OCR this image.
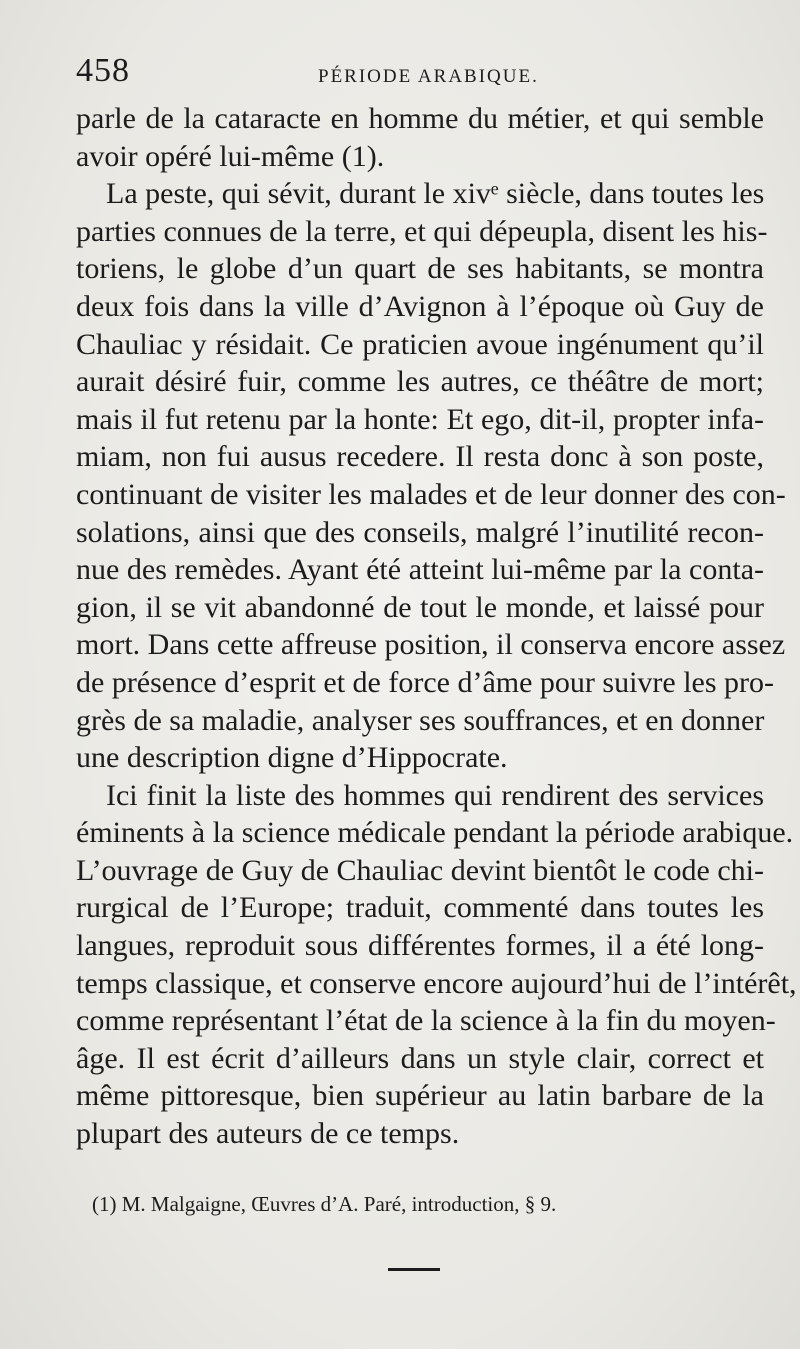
458	PÉRIODE ARABIQUE.
parle de la cataracte en homme du métier, et qui semble
avoir opéré lui-même (1).
La peste, qui sévit, durant le xivᵉ siècle, dans toutes les
parties connues de la terre, et qui dépeupla, disent les his-
toriens, le globe d’un quart de ses habitants, se montra
deux fois dans la ville d’Avignon à l’époque où Guy de
Chauliac y résidait. Ce praticien avoue ingénument qu’il
aurait désiré fuir, comme les autres, ce théâtre de mort;
mais il fut retenu par la honte: Et ego, dit-il, propter infa-
miam, non fui ausus recedere. Il resta donc à son poste,
continuant de visiter les malades et de leur donner des con-
solations, ainsi que des conseils, malgré l’inutilité recon-
nue des remèdes. Ayant été atteint lui-même par la conta-
gion, il se vit abandonné de tout le monde, et laissé pour
mort. Dans cette affreuse position, il conserva encore assez
de présence d’esprit et de force d’âme pour suivre les pro-
grès de sa maladie, analyser ses souffrances, et en donner
une description digne d’Hippocrate.
Ici finit la liste des hommes qui rendirent des services
éminents à la science médicale pendant la période arabique.
L’ouvrage de Guy de Chauliac devint bientôt le code chi-
rurgical de l’Europe; traduit, commenté dans toutes les
langues, reproduit sous différentes formes, il a été long-
temps classique, et conserve encore aujourd’hui de l’intérêt,
comme représentant l’état de la science à la fin du moyen-
âge. Il est écrit d’ailleurs dans un style clair, correct et
même pittoresque, bien supérieur au latin barbare de la
plupart des auteurs de ce temps.
(1) M. Malgaigne, Œuvres d’A. Paré, introduction, § 9.
